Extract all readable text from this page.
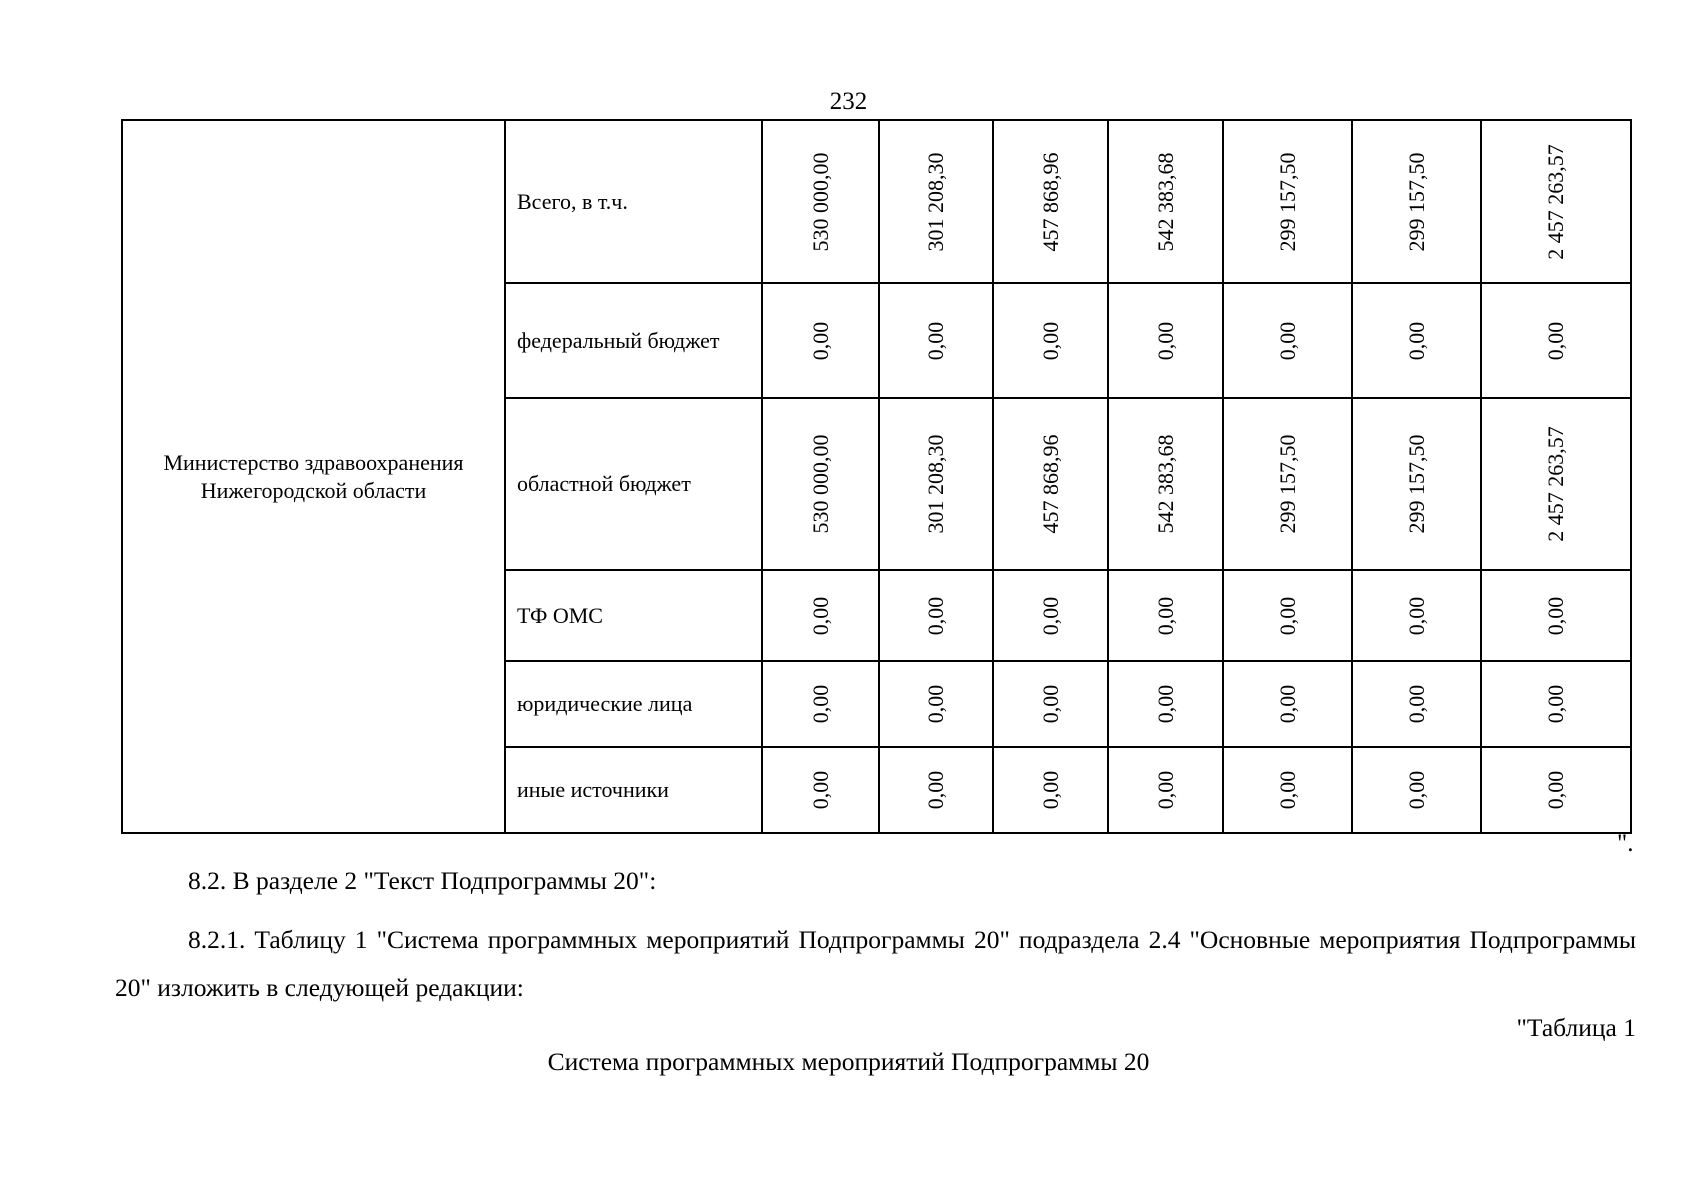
232
Министерство здравоохранения
Нижегородской области	Всего, в т.ч.	530 000,00	301 208,30	457 868,96	542 383,68	299 157,50	299 157,50	2 457 263,57

	федеральный бюджет	0,00	0,00	0,00	0,00	0,00	0,00	0,00

	областной бюджет	530 000,00	301 208,30	457 868,96	542 383,68	299 157,50	299 157,50	2 457 263,57

	ТФ ОМС	0,00	0,00	0,00	0,00	0,00	0,00	0,00

	юридические лица	0,00	0,00	0,00	0,00	0,00	0,00	0,00

	иные источники	0,00	0,00	0,00	0,00	0,00	0,00	0,00
".
8.2. В разделе 2 "Текст Подпрограммы 20":
8.2.1. Таблицу 1 "Система программных мероприятий Подпрограммы 20" подраздела 2.4 "Основные мероприятия Подпрограммы 20" изложить в следующей редакции:
"Таблица 1
Система программных мероприятий Подпрограммы 20
